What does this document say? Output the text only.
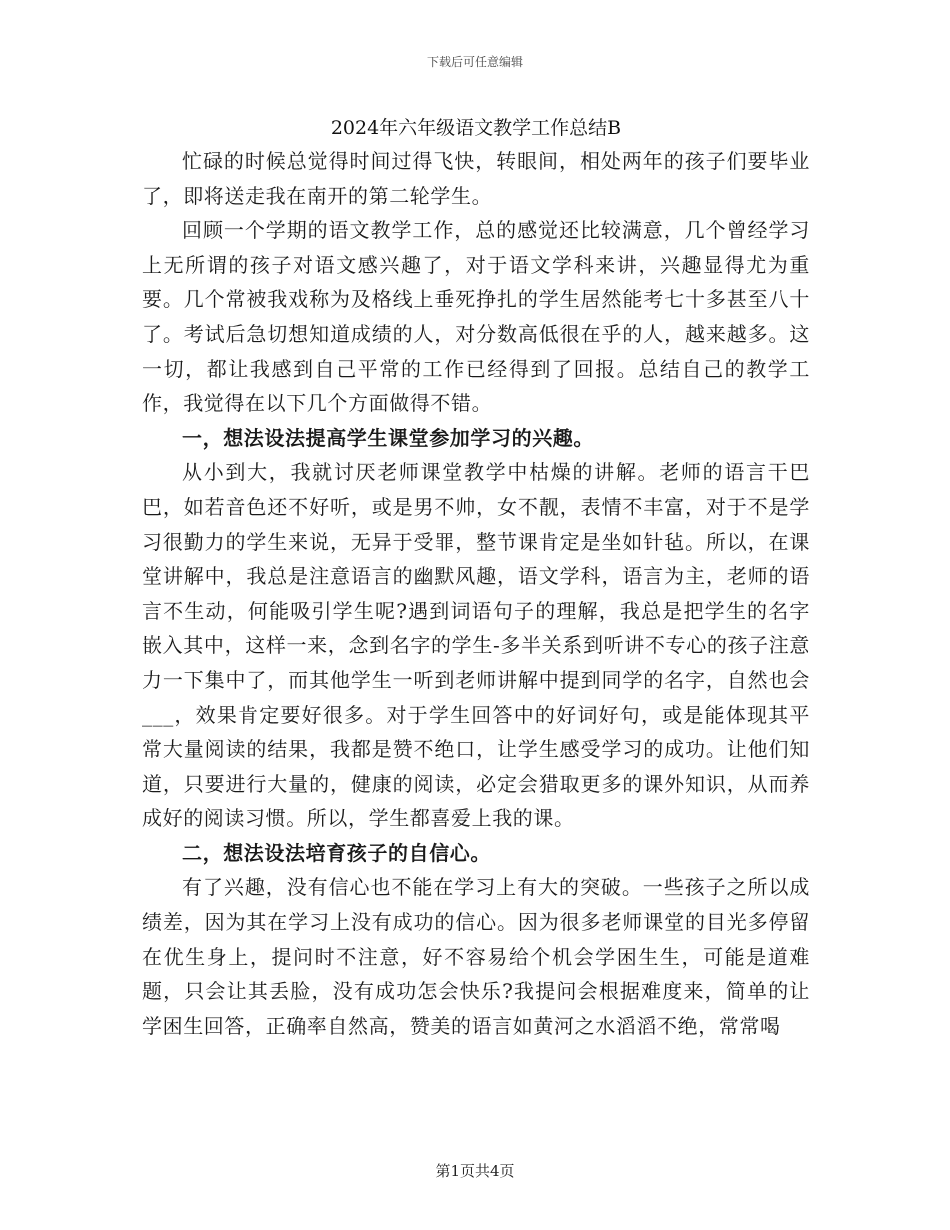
下载后可任意编辑
2024年六年级语文教学工作总结B

忙碌的时候总觉得时间过得飞快，转眼间，相处两年的孩子们要毕业了，即将送走我在南开的第二轮学生。

回顾一个学期的语文教学工作，总的感觉还比较满意，几个曾经学习上无所谓的孩子对语文感兴趣了，对于语文学科来讲，兴趣显得尤为重要。几个常被我戏称为及格线上垂死挣扎的学生居然能考七十多甚至八十了。考试后急切想知道成绩的人，对分数高低很在乎的人，越来越多。这一切，都让我感到自己平常的工作已经得到了回报。总结自己的教学工作，我觉得在以下几个方面做得不错。

一，想法设法提高学生课堂参加学习的兴趣。

从小到大，我就讨厌老师课堂教学中枯燥的讲解。老师的语言干巴巴，如若音色还不好听，或是男不帅，女不靓，表情不丰富，对于不是学习很勤力的学生来说，无异于受罪，整节课肯定是坐如针毡。所以，在课堂讲解中，我总是注意语言的幽默风趣，语文学科，语言为主，老师的语言不生动，何能吸引学生呢?遇到词语句子的理解，我总是把学生的名字嵌入其中，这样一来，念到名字的学生-多半关系到听讲不专心的孩子注意力一下集中了，而其他学生一听到老师讲解中提到同学的名字，自然也会___，效果肯定要好很多。对于学生回答中的好词好句，或是能体现其平常大量阅读的结果，我都是赞不绝口，让学生感受学习的成功。让他们知道，只要进行大量的，健康的阅读，必定会猎取更多的课外知识，从而养成好的阅读习惯。所以，学生都喜爱上我的课。

二，想法设法培育孩子的自信心。

有了兴趣，没有信心也不能在学习上有大的突破。一些孩子之所以成绩差，因为其在学习上没有成功的信心。因为很多老师课堂的目光多停留在优生身上，提问时不注意，好不容易给个机会学困生生，可能是道难题，只会让其丢脸，没有成功怎会快乐?我提问会根据难度来，简单的让学困生回答，正确率自然高，赞美的语言如黄河之水滔滔不绝，常常喝

第1页共4页
